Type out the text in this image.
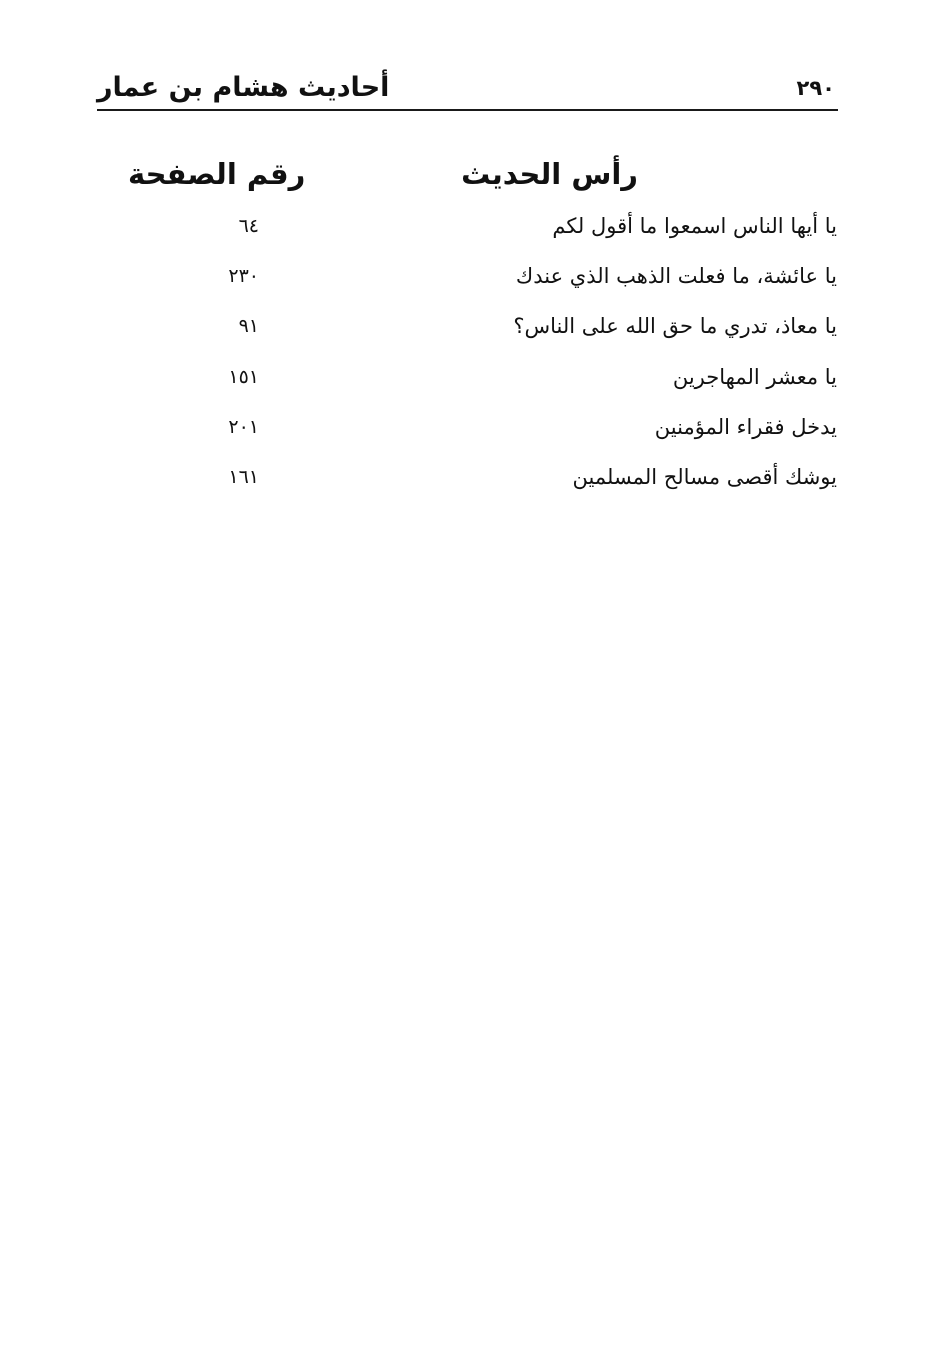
أحاديث هشام بن عمار	٢٩٠
رأس الحديث
رقم الصفحة
يا أيها الناس اسمعوا ما أقول لكم
٦٤
يا عائشة، ما فعلت الذهب الذي عندك
٢٣٠
يا معاذ، تدري ما حق الله على الناس؟
٩١
يا معشر المهاجرين
١٥١
يدخل فقراء المؤمنين
٢٠١
يوشك أقصى مسالح المسلمين
١٦١
